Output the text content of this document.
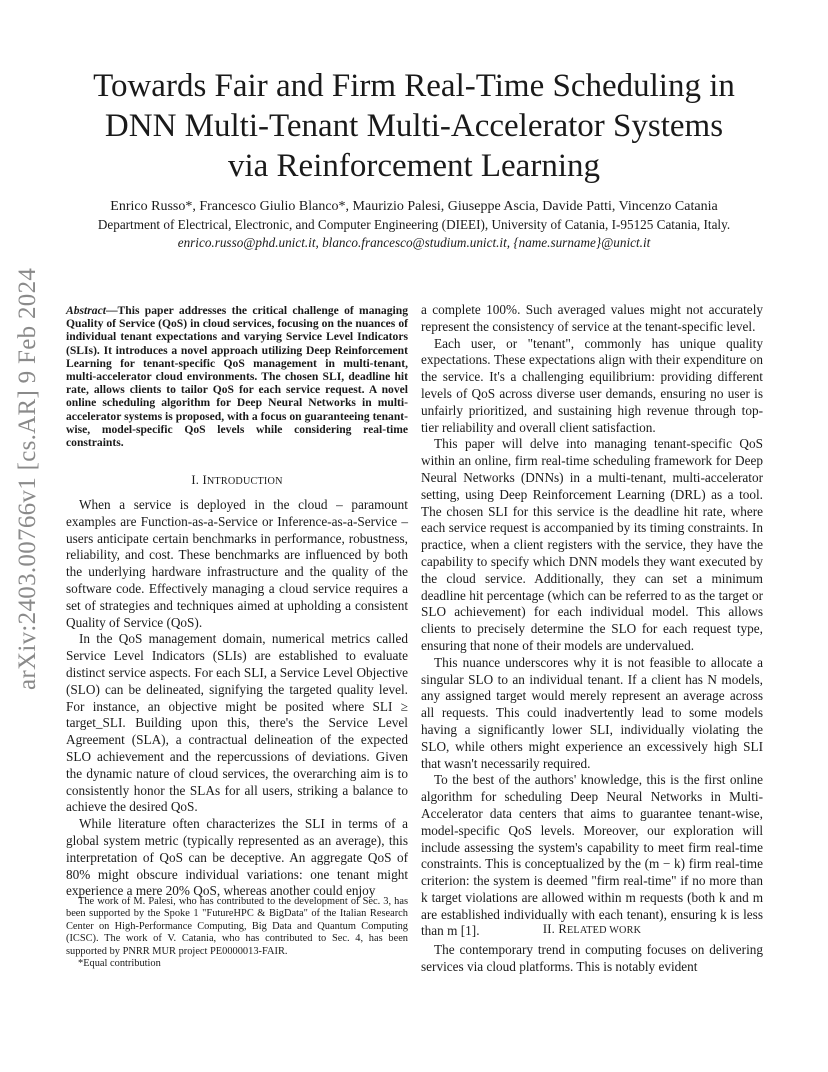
arXiv:2403.00766v1 [cs.AR] 9 Feb 2024
Towards Fair and Firm Real-Time Scheduling in
DNN Multi-Tenant Multi-Accelerator Systems
via Reinforcement Learning
Enrico Russo*, Francesco Giulio Blanco*, Maurizio Palesi, Giuseppe Ascia, Davide Patti, Vincenzo Catania
Department of Electrical, Electronic, and Computer Engineering (DIEEI), University of Catania, I-95125 Catania, Italy.
enrico.russo@phd.unict.it, blanco.francesco@studium.unict.it, {name.surname}@unict.it
Abstract—This paper addresses the critical challenge of managing Quality of Service (QoS) in cloud services, focusing on the nuances of individual tenant expectations and varying Service Level Indicators (SLIs). It introduces a novel approach utilizing Deep Reinforcement Learning for tenant-specific QoS management in multi-tenant, multi-accelerator cloud environments. The chosen SLI, deadline hit rate, allows clients to tailor QoS for each service request. A novel online scheduling algorithm for Deep Neural Networks in multi-accelerator systems is proposed, with a focus on guaranteeing tenant-wise, model-specific QoS levels while considering real-time constraints.
I. INTRODUCTION

When a service is deployed in the cloud – paramount examples are Function-as-a-Service or Inference-as-a-Service – users anticipate certain benchmarks in performance, robustness, reliability, and cost. These benchmarks are influenced by both the underlying hardware infrastructure and the quality of the software code. Effectively managing a cloud service requires a set of strategies and techniques aimed at upholding a consistent Quality of Service (QoS).

In the QoS management domain, numerical metrics called Service Level Indicators (SLIs) are established to evaluate distinct service aspects. For each SLI, a Service Level Objective (SLO) can be delineated, signifying the targeted quality level. For instance, an objective might be posited where SLI ≥ target_SLI. Building upon this, there's the Service Level Agreement (SLA), a contractual delineation of the expected SLO achievement and the repercussions of deviations. Given the dynamic nature of cloud services, the overarching aim is to consistently honor the SLAs for all users, striking a balance to achieve the desired QoS.

While literature often characterizes the SLI in terms of a global system metric (typically represented as an average), this interpretation of QoS can be deceptive. An aggregate QoS of 80% might obscure individual variations: one tenant might experience a mere 20% QoS, whereas another could enjoy

The work of M. Palesi, who has contributed to the development of Sec. 3, has been supported by the Spoke 1 "FutureHPC & BigData" of the Italian Research Center on High-Performance Computing, Big Data and Quantum Computing (ICSC). The work of V. Catania, who has contributed to Sec. 4, has been supported by PNRR MUR project PE0000013-FAIR.

*Equal contribution

a complete 100%. Such averaged values might not accurately represent the consistency of service at the tenant-specific level.

Each user, or "tenant", commonly has unique quality expectations. These expectations align with their expenditure on the service. It's a challenging equilibrium: providing different levels of QoS across diverse user demands, ensuring no user is unfairly prioritized, and sustaining high revenue through top-tier reliability and overall client satisfaction.

This paper will delve into managing tenant-specific QoS within an online, firm real-time scheduling framework for Deep Neural Networks (DNNs) in a multi-tenant, multi-accelerator setting, using Deep Reinforcement Learning (DRL) as a tool. The chosen SLI for this service is the deadline hit rate, where each service request is accompanied by its timing constraints. In practice, when a client registers with the service, they have the capability to specify which DNN models they want executed by the cloud service. Additionally, they can set a minimum deadline hit percentage (which can be referred to as the target or SLO achievement) for each individual model. This allows clients to precisely determine the SLO for each request type, ensuring that none of their models are undervalued.

This nuance underscores why it is not feasible to allocate a singular SLO to an individual tenant. If a client has N models, any assigned target would merely represent an average across all requests. This could inadvertently lead to some models having a significantly lower SLI, individually violating the SLO, while others might experience an excessively high SLI that wasn't necessarily required.

To the best of the authors' knowledge, this is the first online algorithm for scheduling Deep Neural Networks in Multi-Accelerator data centers that aims to guarantee tenant-wise, model-specific QoS levels. Moreover, our exploration will include assessing the system's capability to meet firm real-time constraints. This is conceptualized by the (m − k) firm real-time criterion: the system is deemed "firm real-time" if no more than k target violations are allowed within m requests (both k and m are established individually with each tenant), ensuring k is less than m [1].	II. RELATED WORK

The contemporary trend in computing focuses on delivering services via cloud platforms. This is notably evident
